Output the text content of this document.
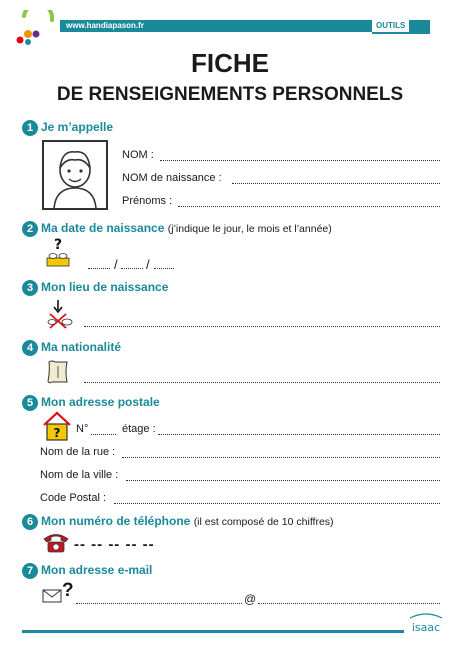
www.handiapason.fr	OUTILS
FICHE
DE RENSEIGNEMENTS PERSONNELS
1 Je m’appelle
NOM :
NOM de naissance :
Prénoms :
2 Ma date de naissance (j’indique le jour, le mois et l’année)
?
/ /
3 Mon lieu de naissance
4 Ma nationalité
5 Mon adresse postale
? N°	étage :
Nom de la rue :
Nom de la ville :
Code Postal :
6 Mon numéro de téléphone (il est composé de 10 chiffres)
-- -- -- -- --
7 Mon adresse e-mail
?	@
isaac
